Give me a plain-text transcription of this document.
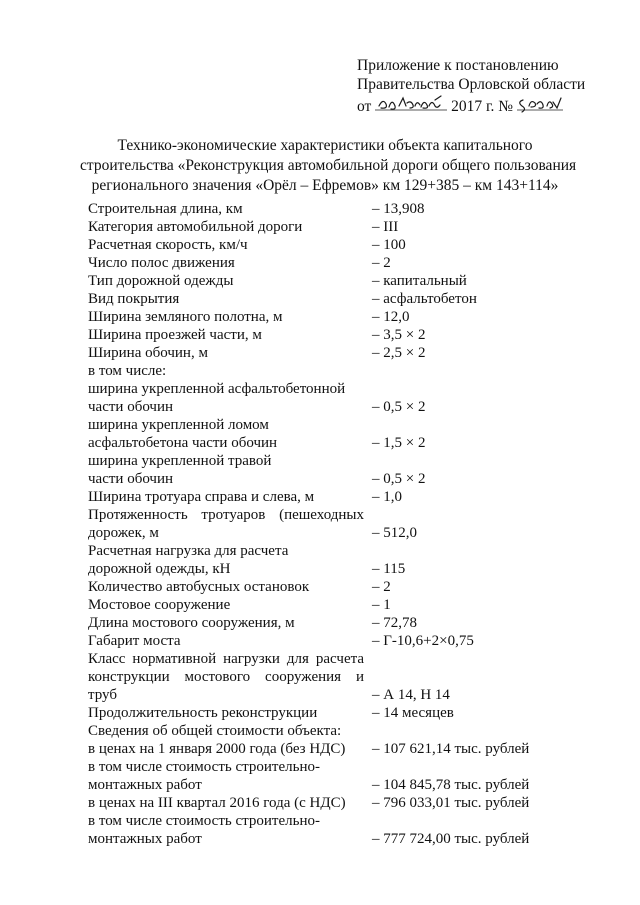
Приложение к постановлению
Правительства Орловской области
от	2017 г. №
Технико-экономические характеристики объекта капитального
строительства «Реконструкция автомобильной дороги общего пользования
регионального значения «Орёл – Ефремов» км 129+385 – км 143+114»
Строительная длина, км	– 13,908
Категория автомобильной дороги	– III
Расчетная скорость, км/ч	– 100
Число полос движения	– 2
Тип дорожной одежды	– капитальный
Вид покрытия	– асфальтобетон
Ширина земляного полотна, м	– 12,0
Ширина проезжей части, м	– 3,5 × 2
Ширина обочин, м	– 2,5 × 2
в том числе:
ширина укрепленной асфальтобетонной
части обочин	– 0,5 × 2
ширина укрепленной ломом
асфальтобетона части обочин	– 1,5 × 2
ширина укрепленной травой
части обочин	– 0,5 × 2
Ширина тротуара справа и слева, м	– 1,0
Протяженность тротуаров (пешеходных
дорожек, м	– 512,0
Расчетная нагрузка для расчета
дорожной одежды, кН	– 115
Количество автобусных остановок	– 2
Мостовое сооружение	– 1
Длина мостового сооружения, м	– 72,78
Габарит моста	– Г-10,6+2×0,75
Класс нормативной нагрузки для расчета
конструкции мостового сооружения и
труб	– А 14, Н 14
Продолжительность реконструкции	– 14 месяцев
Сведения об общей стоимости объекта:
в ценах на 1 января 2000 года (без НДС)	– 107 621,14 тыс. рублей
в том числе стоимость строительно-
монтажных работ	– 104 845,78 тыс. рублей
в ценах на III квартал 2016 года (с НДС)	– 796 033,01 тыс. рублей
в том числе стоимость строительно-
монтажных работ	– 777 724,00 тыс. рублей
